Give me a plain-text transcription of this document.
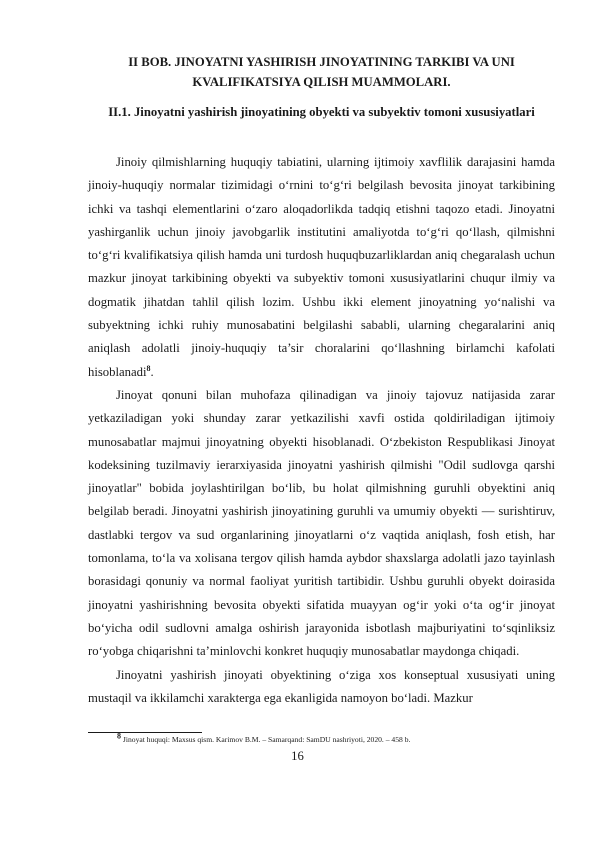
II BOB. JINOYATNI YASHIRISH JINOYATINING TARKIBI VA UNI KVALIFIKATSIYA QILISH MUAMMOLARI.

II.1. Jinoyatni yashirish jinoyatining obyekti va subyektiv tomoni xususiyatlari

Jinoiy qilmishlarning huquqiy tabiatini, ularning ijtimoiy xavflilik darajasini hamda jinoiy-huquqiy normalar tizimidagi o‘rnini to‘g‘ri belgilash bevosita jinoyat tarkibining ichki va tashqi elementlarini o‘zaro aloqadorlikda tadqiq etishni taqozo etadi. Jinoyatni yashirganlik uchun jinoiy javobgarlik institutini amaliyotda to‘g‘ri qo‘llash, qilmishni to‘g‘ri kvalifikatsiya qilish hamda uni turdosh huquqbuzarliklardan aniq chegaralash uchun mazkur jinoyat tarkibining obyekti va subyektiv tomoni xususiyatlarini chuqur ilmiy va dogmatik jihatdan tahlil qilish lozim. Ushbu ikki element jinoyatning yo‘nalishi va subyektning ichki ruhiy munosabatini belgilashi sababli, ularning chegaralarini aniq aniqlash adolatli jinoiy-huquqiy ta’sir choralarini qo‘llashning birlamchi kafolati hisoblanadi$^8$.

Jinoyat qonuni bilan muhofaza qilinadigan va jinoiy tajovuz natijasida zarar yetkaziladigan yoki shunday zarar yetkazilishi xavfi ostida qoldiriladigan ijtimoiy munosabatlar majmui jinoyatning obyekti hisoblanadi. O‘zbekiston Respublikasi Jinoyat kodeksining tuzilmaviy ierarxiyasida jinoyatni yashirish qilmishi "Odil sudlovga qarshi jinoyatlar" bobida joylashtirilgan bo‘lib, bu holat qilmishning guruhli obyektini aniq belgilab beradi. Jinoyatni yashirish jinoyatining guruhli va umumiy obyekti — surishtiruv, dastlabki tergov va sud organlarining jinoyatlarni o‘z vaqtida aniqlash, fosh etish, har tomonlama, to‘la va xolisana tergov qilish hamda aybdor shaxslarga adolatli jazo tayinlash borasidagi qonuniy va normal faoliyat yuritish tartibidir. Ushbu guruhli obyekt doirasida jinoyatni yashirishning bevosita obyekti sifatida muayyan og‘ir yoki o‘ta og‘ir jinoyat bo‘yicha odil sudlovni amalga oshirish jarayonida isbotlash majburiyatini to‘sqinliksiz ro‘yobga chiqarishni ta’minlovchi konkret huquqiy munosabatlar maydonga chiqadi.

Jinoyatni yashirish jinoyati obyektining o‘ziga xos konseptual xususiyati uning mustaqil va ikkilamchi xarakterga ega ekanligida namoyon bo‘ladi. Mazkur

$^8$ Jinoyat huquqi: Maxsus qism. Karimov B.M. – Samarqand: SamDU nashriyoti, 2020. – 458 b.

16
